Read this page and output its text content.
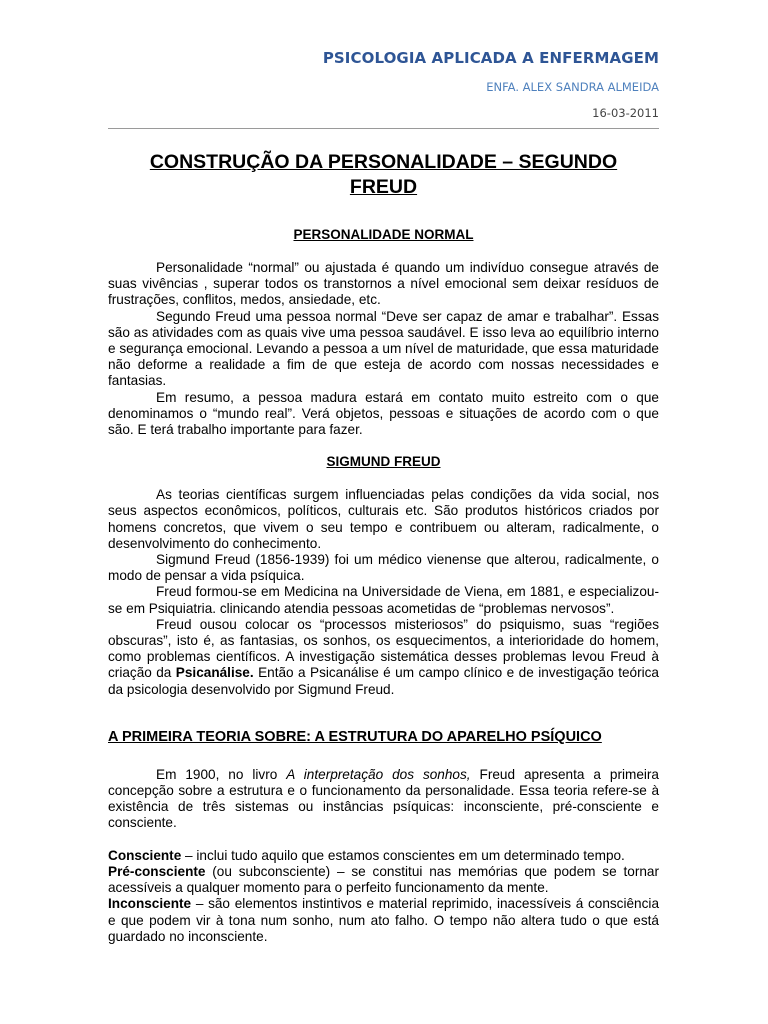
PSICOLOGIA APLICADA A ENFERMAGEM
ENFA. ALEX SANDRA ALMEIDA
16-03-2011
CONSTRUÇÃO DA PERSONALIDADE – SEGUNDO FREUD
PERSONALIDADE NORMAL

Personalidade “normal” ou ajustada é quando um indivíduo consegue através de suas vivências , superar todos os transtornos a nível emocional sem deixar resíduos de frustrações, conflitos, medos, ansiedade, etc.

Segundo Freud uma pessoa normal “Deve ser capaz de amar e trabalhar”. Essas são as atividades com as quais vive uma pessoa saudável. E isso leva ao equilíbrio interno e segurança emocional. Levando a pessoa a um nível de maturidade, que essa maturidade não deforme a realidade a fim de que esteja de acordo com nossas necessidades e fantasias.

Em resumo, a pessoa madura estará em contato muito estreito com o que denominamos o “mundo real”. Verá objetos, pessoas e situações de acordo com o que são. E terá trabalho importante para fazer.

SIGMUND FREUD

As teorias científicas surgem influenciadas pelas condições da vida social, nos seus aspectos econômicos, políticos, culturais etc. São produtos históricos criados por homens concretos, que vivem o seu tempo e contribuem ou alteram, radicalmente, o desenvolvimento do conhecimento.

Sigmund Freud (1856-1939) foi um médico vienense que alterou, radicalmente, o modo de pensar a vida psíquica.

Freud formou-se em Medicina na Universidade de Viena, em 1881, e especializou-se em Psiquiatria. clinicando atendia pessoas acometidas de “problemas nervosos”.

Freud ousou colocar os “processos misteriosos” do psiquismo, suas “regiões obscuras”, isto é, as fantasias, os sonhos, os esquecimentos, a interioridade do homem, como problemas científicos. A investigação sistemática desses problemas levou Freud à criação da Psicanálise. Então a Psicanálise é um campo clínico e de investigação teórica da psicologia desenvolvido por Sigmund Freud.

A PRIMEIRA TEORIA SOBRE: A ESTRUTURA DO APARELHO PSÍQUICO

Em 1900, no livro A interpretação dos sonhos, Freud apresenta a primeira concepção sobre a estrutura e o funcionamento da personalidade. Essa teoria refere-se à existência de três sistemas ou instâncias psíquicas: inconsciente, pré-consciente e consciente.

Consciente – inclui tudo aquilo que estamos conscientes em um determinado tempo.

Pré-consciente (ou subconsciente) – se constitui nas memórias que podem se tornar acessíveis a qualquer momento para o perfeito funcionamento da mente.

Inconsciente – são elementos instintivos e material reprimido, inacessíveis á consciência e que podem vir à tona num sonho, num ato falho. O tempo não altera tudo o que está guardado no inconsciente.
